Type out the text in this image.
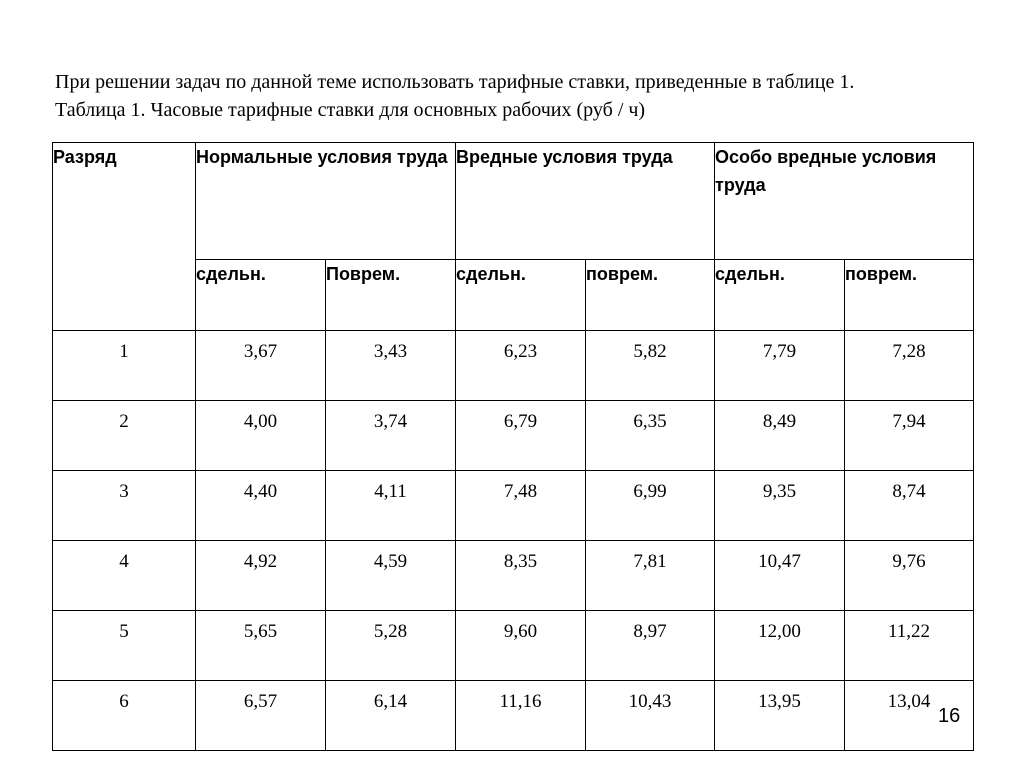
При решении задач по данной теме использовать тарифные ставки, приведенные в таблице 1.
Таблица 1. Часовые тарифные ставки для основных рабочих (руб / ч)
Разряд	Нормальные условия труда		Вредные условия труда		Особо вредные условия труда	
	сдельн.	Поврем.	сдельн.	поврем.	сдельн.	поврем.
1	3,67	3,43	6,23	5,82	7,79	7,28
2	4,00	3,74	6,79	6,35	8,49	7,94
3	4,40	4,11	7,48	6,99	9,35	8,74
4	4,92	4,59	8,35	7,81	10,47	9,76
5	5,65	5,28	9,60	8,97	12,00	11,22
6	6,57	6,14	11,16	10,43	13,95	13,04
16
